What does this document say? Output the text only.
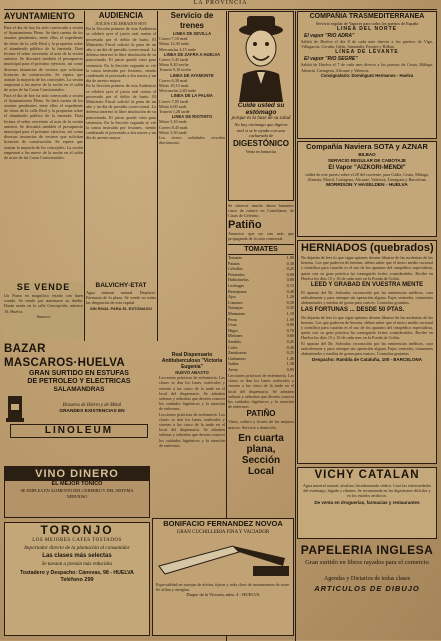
LA PROVINCIA
AYUNTAMIENTO
Para el día de hoy ha sido convocado a sesión el Ayuntamiento Pleno. Se dará cuenta de los asuntos pendientes, entre ellos el expediente de obras de la calle Real y la propuesta sobre el alumbrado público de la barriada. Dará lectura el señor secretario al acta de la sesión anterior. Se discutirá también el presupuesto municipal para el próximo ejercicio, así como diversas instancias de vecinos que solicitan licencias de construcción. Se espera que asistan la mayoría de los concejales. La sesión empezará a las nueve de la noche en el salón de actos de las Casas Consistoriales.
Para el día de hoy ha sido convocado a sesión el Ayuntamiento Pleno. Se dará cuenta de los asuntos pendientes, entre ellos el expediente de obras de la calle Real y la propuesta sobre el alumbrado público de la barriada. Dará lectura el señor secretario al acta de la sesión anterior. Se discutirá también el presupuesto municipal para el próximo ejercicio, así como diversas instancias de vecinos que solicitan licencias de construcción. Se espera que asistan la mayoría de los concejales. La sesión empezará a las nueve de la noche en el salón de actos de las Casas Consistoriales.
SE VENDE
Un Piano en magnífico estado con buen sonido. Se vende por ausentarse su dueño. Darán razón en la calle Concepción, número 10, Huelva.
Anuncio
AUDIENCIA
JUICIOS CELEBRADOS HOY
En la Sección primera de esta Audiencia se celebró ayer el juicio oral contra el procesado por el delito de hurto. El Ministerio Fiscal solicitó la pena de un año y un día de presidio correccional. La defensa interesó la libre absolución de su patrocinado. El juicio quedó visto para sentencia. En la Sección segunda se vió la causa instruida por lesiones, siendo condenado el procesado a dos meses y un día de arresto mayor.
En la Sección primera de esta Audiencia se celebró ayer el juicio oral contra el procesado por el delito de hurto. El Ministerio Fiscal solicitó la pena de un año y un día de presidio correccional. La defensa interesó la libre absolución de su patrocinado. El juicio quedó visto para sentencia. En la Sección segunda se vió la causa instruida por lesiones, siendo condenado el procesado a dos meses y un día de arresto mayor.
BALVICHY·ETAT
Agua mineral natural. Depósito: Farmacia de la plaza. Se vende en todas las droguerías de esta capital.
SIN RIVAL PARA EL ESTÓMAGO
Servicio de trenes
LINEA DE SEVILLA
Correo 7,10 mañ.
Mixto 12,30 tarde
Mercancías 4,15 tarde
LINEA DE ZAFRA A HUELVA
Correo 5,45 tarde
Mixto 8,20 noche
Tranvía 9,10 noche
LINEA DE AYAMONTE
Correo 6,30 mañ.
Mixto 10,15 mañ.
Mercancías 2,40 tarde
LINEA DE LA PALMA
Correo 7,05 tarde
Mixto 6,00 mañ.
Tranvía 1,20 tarde
LINEA DE RIOTINTO
Mixto 5,10 tarde
Correo 8,45 mañ.
Mixto 3,30 tarde
Los trenes señalados circulan diariamente.
Cuide usted su estómago
porque es la base de su salud
No hay estómago que digiera mal si se le ayuda con una cucharada de
DIGESTÓNICO
Venta en farmacias
Se observa mucho ahora bastantes casos de catarro en Castellanos, de Casas de Ceferino.
Patiño
Anuncios que no son más que propaganda de la casa comercial.
TOMATES
Tomates	1,00
Patatas	0,30
Cebollas	0,25
Pimientos	0,60
Habichuelas	0,80
Lechugas	0,15
Berenjenas	0,40
Ajos	1,20
Limones	0,50
Naranjas	0,35
Manzanas	1,10
Peras	1,00
Uvas	0,90
Higos	0,70
Melones	0,60
Sandías	0,45
Coles	0,30
Zanahorias	0,25
Garbanzos	1,40
Judías	1,30
Arroz	0,95
Real Dispensario Antituberculoso "Victoria Eugenia"
NUEVO ABASTO
Lecciones prácticas de enfermería. Las clases se dan los lunes, miércoles y viernes a las cinco de la tarde en el local del dispensario. Se admiten señoras y señoritas que deseen conocer los cuidados higiénicos y la atención de enfermos.
Lecciones prácticas de enfermería. Las clases se dan los lunes, miércoles y viernes a las cinco de la tarde en el local del dispensario. Se admiten señoras y señoritas que deseen conocer los cuidados higiénicos y la atención de enfermos.
Lecciones prácticas de enfermería. Las clases se dan los lunes, miércoles y viernes a las cinco de la tarde en el local del dispensario. Se admiten señoras y señoritas que deseen conocer los cuidados higiénicos y la atención de enfermos.
PATIÑO
Vinos, coñacs y licores de las mejores marcas. Servicio a domicilio.
En cuarta plana, Sección Local
BONIFACIO FERNANDEZ NOVOA
GRAN CUCHILLERIA FINA Y VACIADOR
Especialidad en navajas de afeitar, tijeras y toda clase de instrumentos de corte. Se afilan y arreglan.
Duque de la Victoria, núm. 4 - HUELVA
BAZAR MASCAROS·HUELVA
GRAN SURTIDO EN ESTUFAS
DE PETROLEO Y ELECTRICAS
SALAMANDRAS
Braseros de Hierro y de Metal
GRANDES EXISTENCIAS EN
LINOLEUM
VINO DINERO
EL MEJOR TÓNICO
SE EMPLEA EN ALIMENTO DEL CEREBRO Y DEL SISTEMA NERVIOSO
TORONJO
LOS MEJORES CAFES TOSTADOS
Importador directo de la plantación al consumidor
Las clases más selectas
Se tuestan a presión más reducidos
Tostadero y Despacho: Cánovas, 98 - HUELVA
Teléfono 299
COMPAÑIA TRASMEDITERRANEA
Servicio regular de Vapores para todos los puertos de España
LINEA DEL NORTE
El vapor "RIO ADRA"
Saldrá de Huelva el día 8 de cada mes directo a los puertos de Vigo, Villagarcía, Coruña, Gijón, Santander, Pasajes y Bilbao.
LINEA DE LEVANTE
El vapor "RIO SEGRE"
Saldrá de Huelva el 7 de cada mes directo a los puertos de Ceuta, Málaga, Almería, Cartagena, Alicante y Valencia.
Consignatario: Domínguez Hermanos - Huelva
Compañía Naviera SOTA y AZNAR
BILBAO
SERVICIO REGULAR DE CABOTAJE
El Vapor "AIZKORI-MENDI"
saldrá de este puerto sobre el 20 del corriente, para Cádiz, Ceuta, Málaga, Almería, Motril, Cartagena, Alicante, Valencia, Tarragona y Barcelona.
MORRISON Y HASELDEN - HUELVA
HERNIADOS (quebrados)
No dejarán de leer lo que sigue quienes deseen librarse de las molestias de las hernias. Los que padecen de hernias, deben saber que el único medio racional y científico para curarlas es el uso de los aparatos del ortopédico especialista, quien con su gran práctica ha conseguido éxitos considerables. Recibe en Huelva los días 15 y 16 de cada mes en la Fonda de Colón.
LEED Y GRABAD EN VUESTRA MENTE
El aparato del Dr. Salvador, reconocido por las eminencias médicas, cura radicalmente y para siempre sin operación alguna. Fajas ventrales, cinturones abdominales y medias de goma para varices. Consultas gratuitas.
LAS FORTUNAS ... DESDE 50 PTAS.
No dejarán de leer lo que sigue quienes deseen librarse de las molestias de las hernias. Los que padecen de hernias, deben saber que el único medio racional y científico para curarlas es el uso de los aparatos del ortopédico especialista, quien con su gran práctica ha conseguido éxitos considerables. Recibe en Huelva los días 15 y 16 de cada mes en la Fonda de Colón.
El aparato del Dr. Salvador, reconocido por las eminencias médicas, cura radicalmente y para siempre sin operación alguna. Fajas ventrales, cinturones abdominales y medias de goma para varices. Consultas gratuitas.
Despacho: Rambla de Cataluña, 100 - BARCELONA
VICHY CATALAN
Agua mineral natural, alcalina, bicarbonatada sódica. Cura las enfermedades del estómago, hígado y riñones. Se recomienda en las digestiones difíciles y en los estados artríticos.
De venta en droguerías, farmacias y restaurantes
PAPELERIA INGLESA
Gran surtido en libros rayados para el comercio
Agendas y Dietarios de todas clases
ARTICULOS DE DIBUJO
